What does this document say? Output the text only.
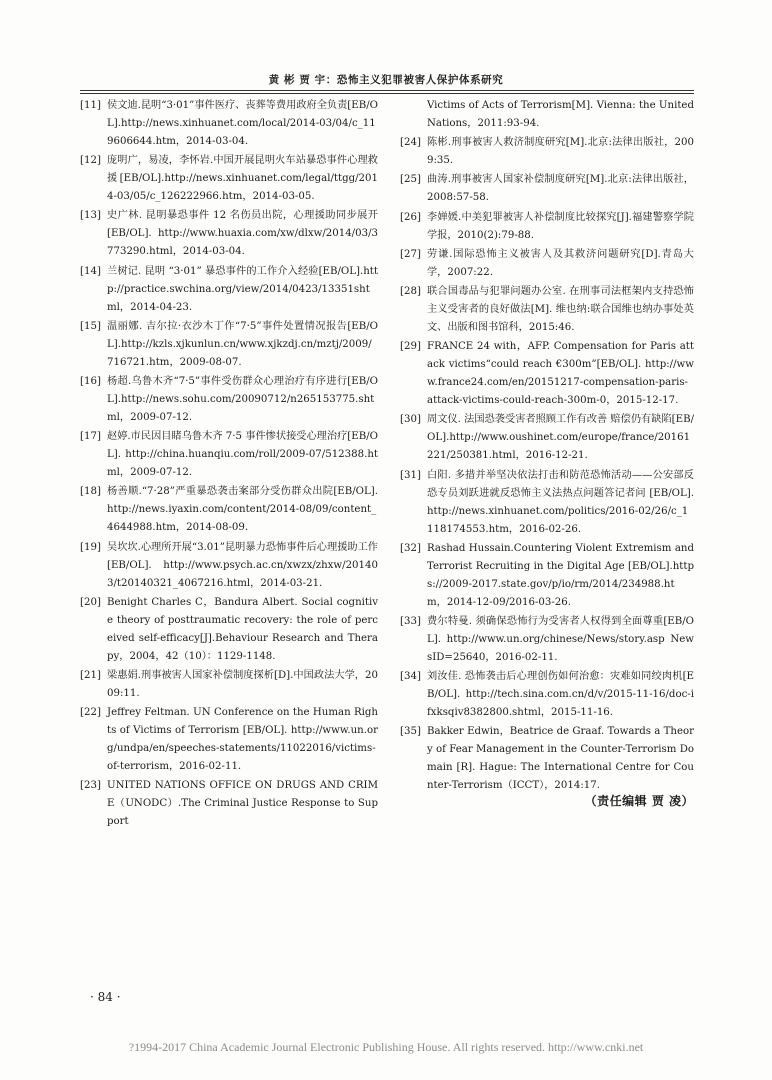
黄 彬 贾 宇：恐怖主义犯罪被害人保护体系研究
[11] 侯文迪.昆明“3·01”事件医疗、丧葬等费用政府全负责[EB/OL].http://news.xinhuanet.com/local/2014-03/04/c_119606644.htm，2014-03-04.
[12] 庞明广，易凌，李怀岩.中国开展昆明火车站暴恐事件心理救援[EB/OL].http://news.xinhuanet.com/legal/ttgg/2014-03/05/c_126222966.htm，2014-03-05.
[13] 史广林. 昆明暴恐事件 12 名伤员出院，心理援助同步展开[EB/OL]. http://www.huaxia.com/xw/dlxw/2014/03/3773290.html，2014-03-04.
[14] 兰树记. 昆明 “3·01” 暴恐事件的工作介入经验[EB/OL].http://practice.swchina.org/view/2014/0423/13351shtml，2014-04-23.
[15] 温丽娜. 吉尔拉·衣沙木丁作“7·5”事件处置情况报告[EB/OL].http://kzls.xjkunlun.cn/www.xjkzdj.cn/mztj/2009/716721.htm，2009-08-07.
[16] 杨超.乌鲁木齐“7·5”事件受伤群众心理治疗有序进行[EB/OL].http://news.sohu.com/20090712/n265153775.shtml，2009-07-12.
[17] 赵婷.市民因目睹乌鲁木齐 7·5 事件惨状接受心理治疗[EB/OL]. http://china.huanqiu.com/roll/2009-07/512388.html，2009-07-12.
[18] 杨善顺.“7·28”严重暴恐袭击案部分受伤群众出院[EB/OL]. http://news.iyaxin.com/content/2014-08/09/content_4644988.htm，2014-08-09.
[19] 吴坎坎.心理所开展“3.01”昆明暴力恐怖事件后心理援助工作[EB/OL]. http://www.psych.ac.cn/xwzx/zhxw/201403/t20140321_4067216.html，2014-03-21.
[20] Benight Charles C，Bandura Albert. Social cognitive theory of posttraumatic recovery: the role of perceived self-efficacy[J].Behaviour Research and Therapy，2004，42（10）：1129-1148.
[21] 梁惠娟.刑事被害人国家补偿制度探析[D].中国政法大学，2009:11.
[22] Jeffrey Feltman. UN Conference on the Human Rights of Victims of Terrorism [EB/OL]. http://www.un.org/undpa/en/speeches-statements/11022016/victims-of-terrorism，2016-02-11.
[23] UNITED NATIONS OFFICE ON DRUGS AND CRIME（UNODC）.The Criminal Justice Response to Support
Victims of Acts of Terrorism[M]. Vienna: the United Nations，2011:93-94.
[24] 陈彬.刑事被害人救济制度研究[M].北京:法律出版社，2009:35.
[25] 曲涛.刑事被害人国家补偿制度研究[M].北京:法律出版社，2008:57-58.
[26] 李婵媛.中美犯罪被害人补偿制度比较探究[J].福建警察学院学报，2010(2):79-88.
[27] 劳谦.国际恐怖主义被害人及其救济问题研究[D].青岛大学，2007:22.
[28] 联合国毒品与犯罪问题办公室. 在刑事司法框架内支持恐怖主义受害者的良好做法[M]. 维也纳:联合国维也纳办事处英文、出版和图书馆科，2015:46.
[29] FRANCE 24 with，AFP. Compensation for Paris attack victims“could reach €300m”[EB/OL]. http://www.france24.com/en/20151217-compensation-paris-attack-victims-could-reach-300m-0，2015-12-17.
[30] 周文仪. 法国恐袭受害者照顾工作有改善 赔偿仍有缺陷[EB/OL].http://www.oushinet.com/europe/france/20161221/250381.html，2016-12-21.
[31] 白阳. 多措并举坚决依法打击和防范恐怖活动——公安部反恐专员刘跃进就反恐怖主义法热点问题答记者问 [EB/OL]. http://news.xinhuanet.com/politics/2016-02/26/c_1118174553.htm，2016-02-26.
[32] Rashad Hussain.Countering Violent Extremism and Terrorist Recruiting in the Digital Age [EB/OL].https://2009-2017.state.gov/p/io/rm/2014/234988.htm，2014-12-09/2016-03-26.
[33] 费尔特曼. 须确保恐怖行为受害者人权得到全面尊重[EB/OL]. http://www.un.org/chinese/News/story.asp NewsID=25640，2016-02-11.
[34] 刘汝佳. 恐怖袭击后心理创伤如何治愈：灾难如同绞肉机[EB/OL]. http://tech.sina.com.cn/d/v/2015-11-16/doc-ifxksqiv8382800.shtml，2015-11-16.
[35] Bakker Edwin，Beatrice de Graaf. Towards a Theory of Fear Management in the Counter-Terrorism Domain [R]. Hague: The International Centre for Counter-Terrorism（ICCT），2014:17.
（责任编辑 贾 凌）
· 84 ·
?1994-2017 China Academic Journal Electronic Publishing House. All rights reserved. http://www.cnki.net
